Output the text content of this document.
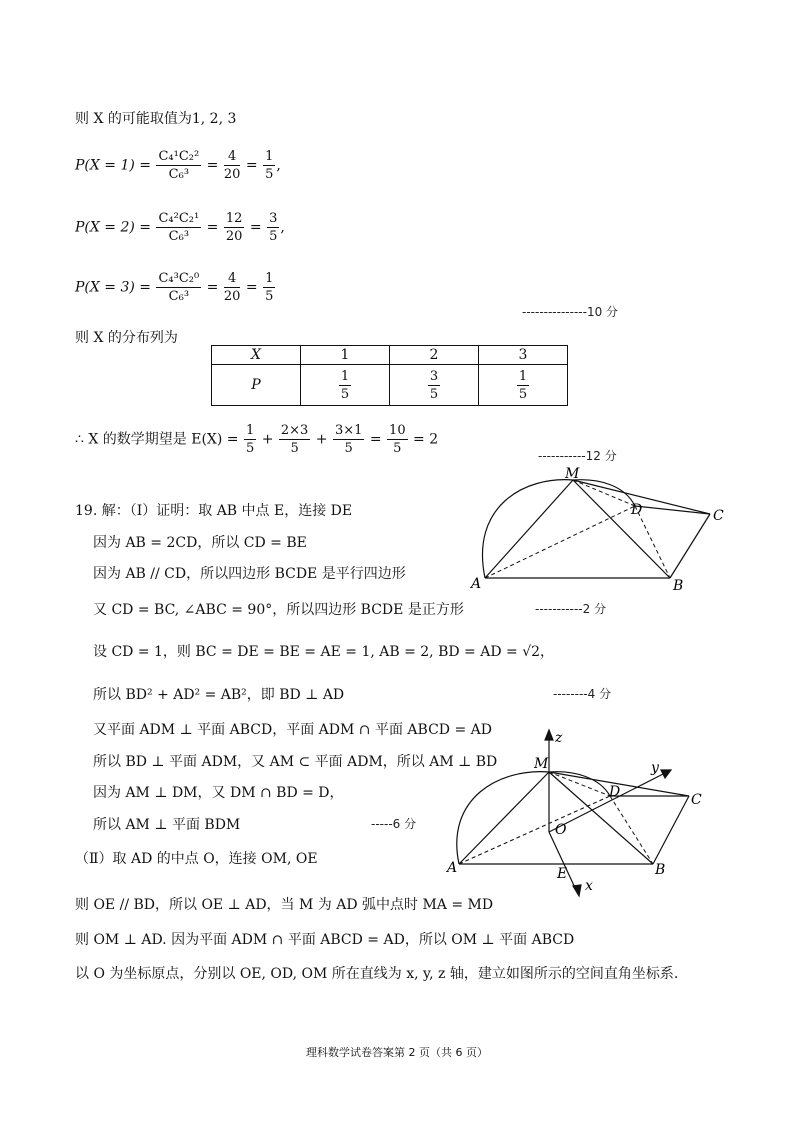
则 X 的可能取值为1, 2, 3
$P(X = 1) = \frac{\text{C₄¹C₂²}}{\text{C₆³}} = \frac{4}{20} = \frac{1}{5}$ ,
$P(X = 2) = \frac{\text{C₄²C₂¹}}{\text{C₆³}} = \frac{12}{20} = \frac{3}{5}$ ,
$P(X = 3) = \frac{\text{C₄³C₂⁰}}{\text{C₆³}} = \frac{4}{20} = \frac{1}{5}$
---------------10 分
则 X 的分布列为
X	1	2	3
P	$\frac{1}{5}$	$\frac{3}{5}$	$\frac{1}{5}$
∴ X 的数学期望是 $E(X) = \frac{1}{5} + \frac{2\times 3}{5} + \frac{3\times 1}{5} = \frac{10}{5} = 2$
-----------12 分
19. 解：（Ⅰ）证明：取 AB 中点 E，连接 DE
因为 AB = 2CD，所以 CD = BE
因为 AB // CD，所以四边形 BCDE 是平行四边形
又 CD = BC, ∠ABC = 90°，所以四边形 BCDE 是正方形	-----------2 分
设 CD = 1，则 BC = DE = BE = AE = 1, AB = 2, BD = AD = √2，
所以 BD² + AD² = AB²，即 BD ⊥ AD	--------4 分
又平面 ADM ⊥ 平面 ABCD，平面 ADM ∩ 平面 ABCD = AD
所以 BD ⊥ 平面 ADM，又 AM ⊂ 平面 ADM，所以 AM ⊥ BD
因为 AM ⊥ DM，又 DM ∩ BD = D，
所以 AM ⊥ 平面 BDM	-----6 分
（Ⅱ）取 AD 的中点 O，连接 OM, OE
则 OE // BD，所以 OE ⊥ AD，当 M 为 AD 弧中点时 MA = MD
则 OM ⊥ AD. 因为平面 ADM ∩ 平面 ABCD = AD，所以 OM ⊥ 平面 ABCD
以 O 为坐标原点，分别以 OE, OD, OM 所在直线为 x, y, z 轴，建立如图所示的空间直角坐标系.
M
D	C
A	B
z
y
M
D	C
O
A	B
E
x
理科数学试卷答案第 2 页（共 6 页）
